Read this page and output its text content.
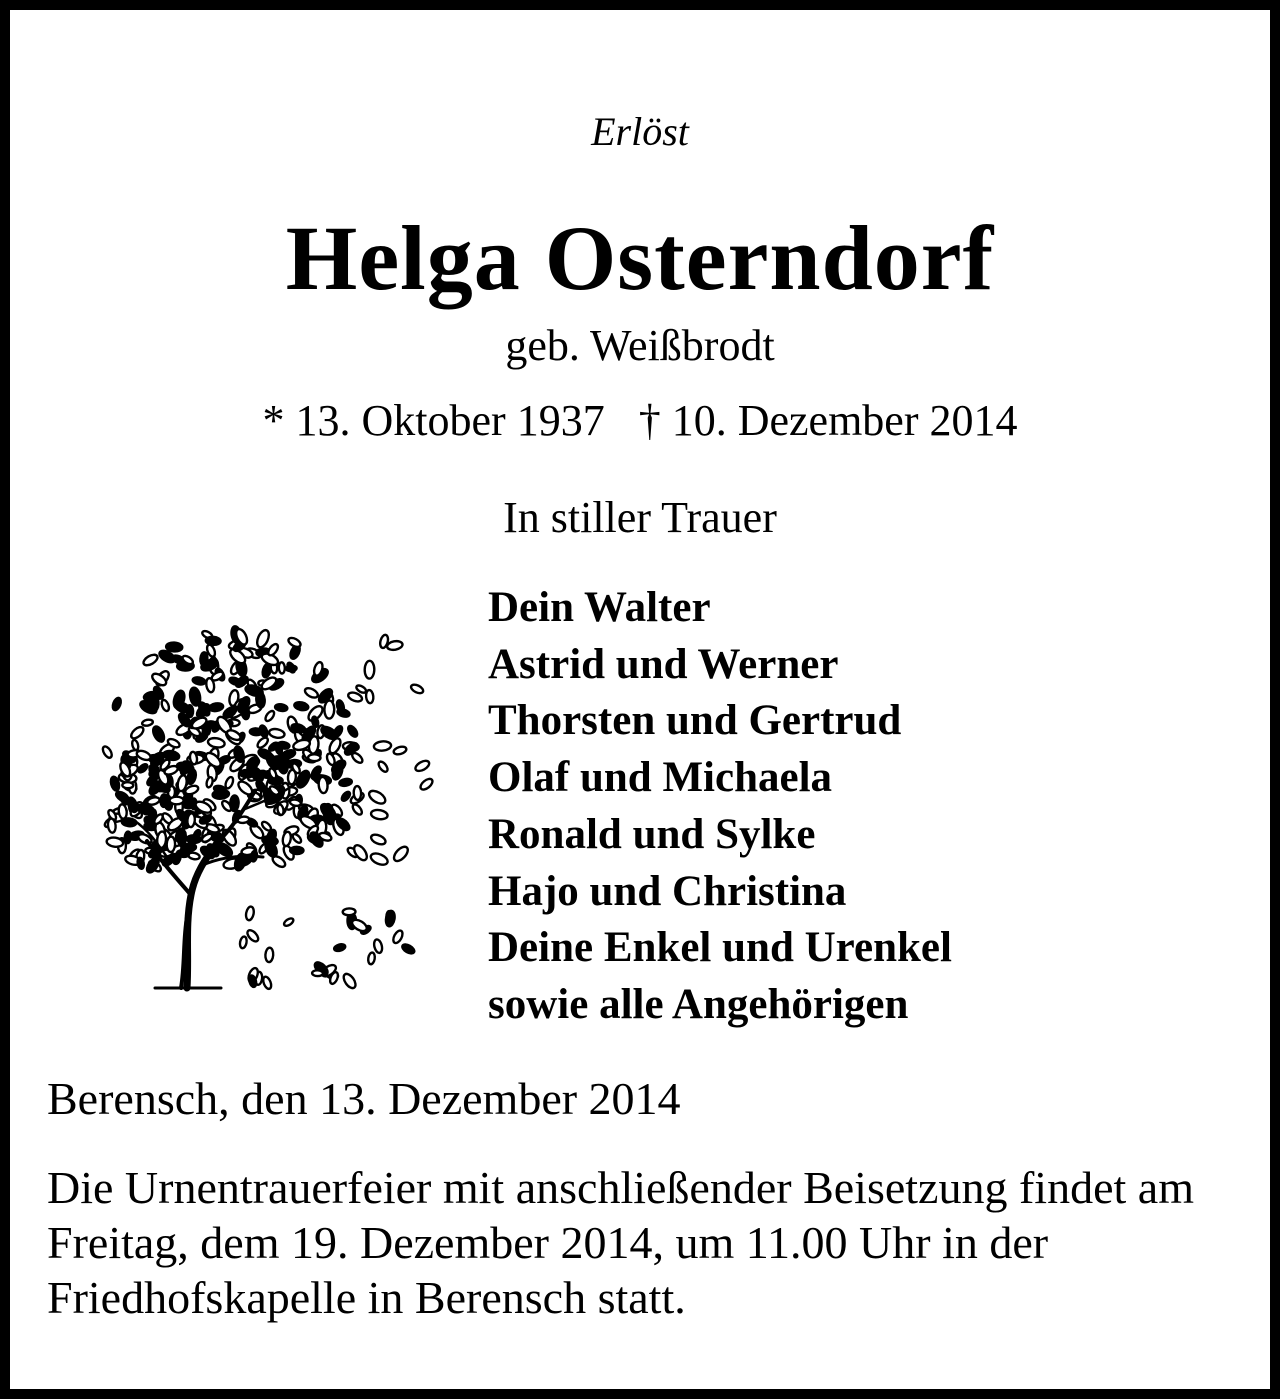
Erlöst
Helga Osterndorf
geb. Weißbrodt
* 13. Oktober 1937 † 10. Dezember 2014
In stiller Trauer
Dein Walter
Astrid und Werner
Thorsten und Gertrud
Olaf und Michaela
Ronald und Sylke
Hajo und Christina
Deine Enkel und Urenkel
sowie alle Angehörigen
Berensch, den 13. Dezember 2014

Die Urnentrauerfeier mit anschließender Beisetzung findet am Freitag, dem 19. Dezember 2014, um 11.00 Uhr in der Friedhofskapelle in Berensch statt.
